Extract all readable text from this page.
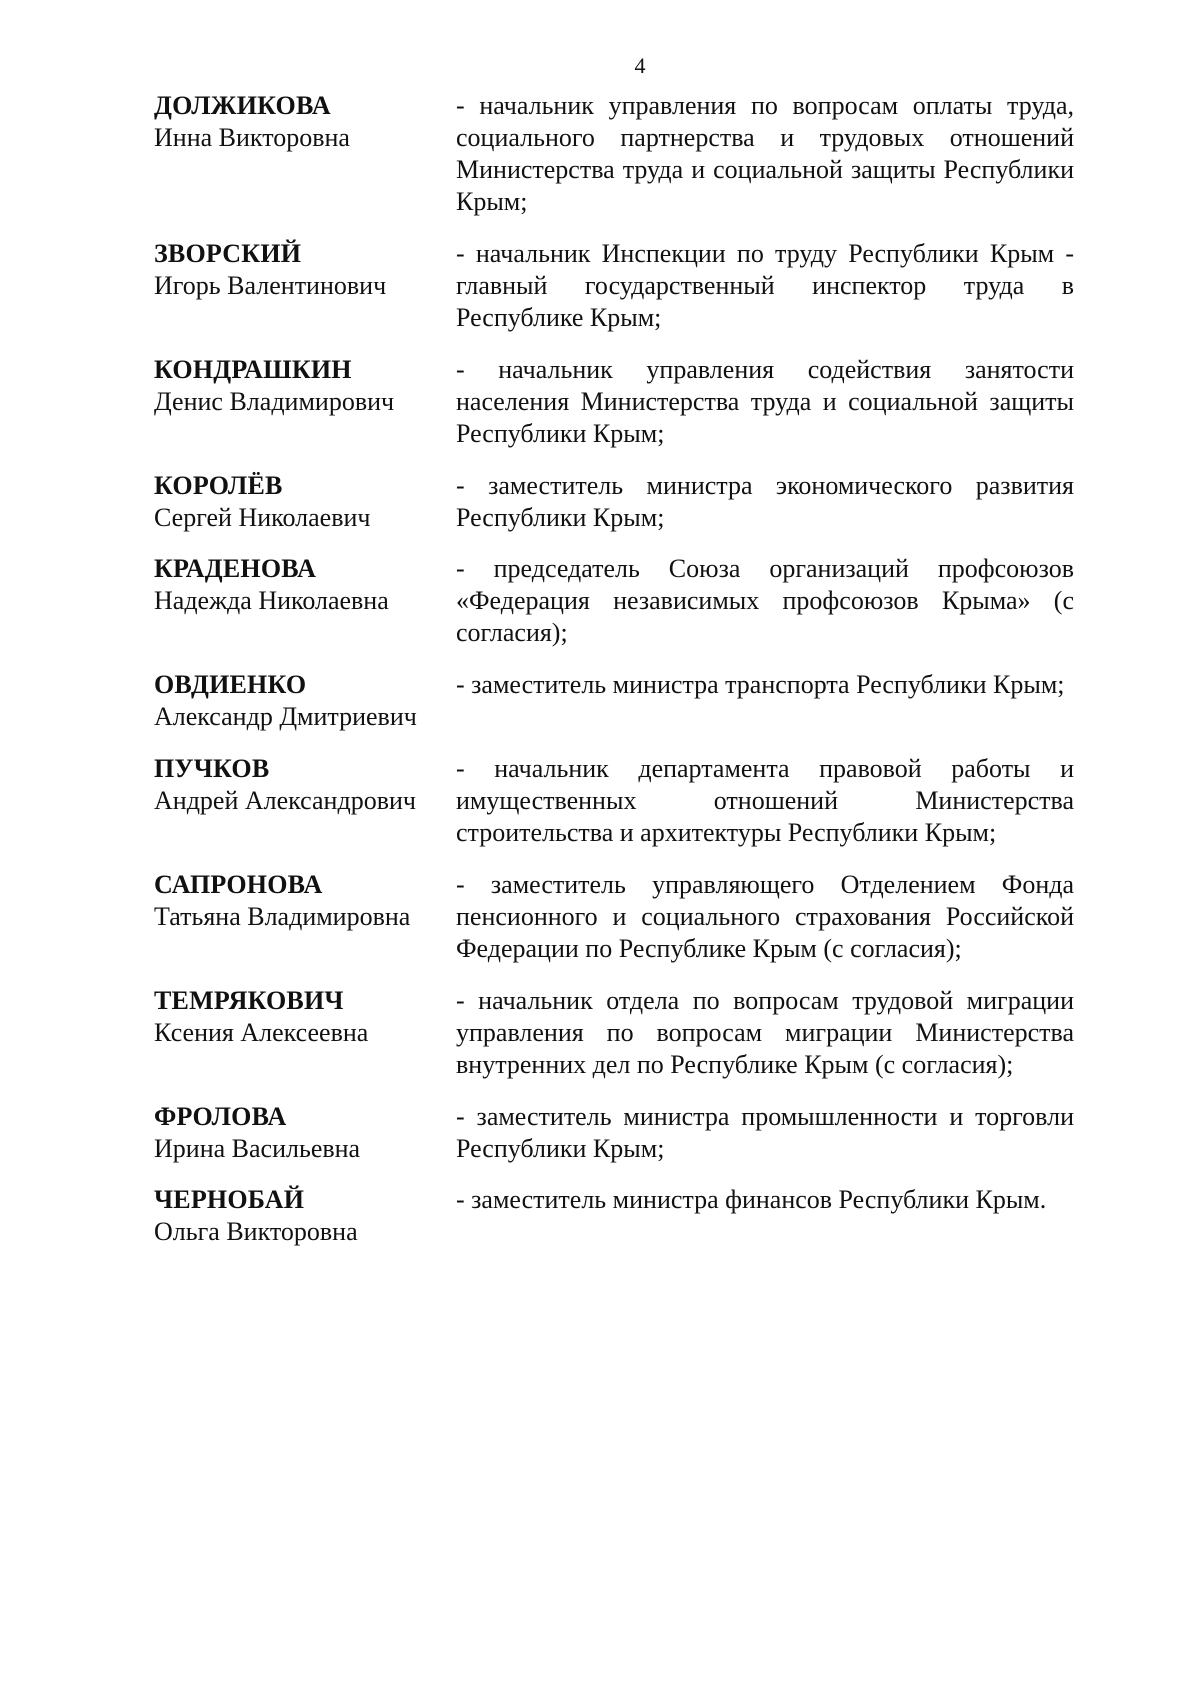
4
ДОЛЖИКОВА
Инна Викторовна
- начальник управления по вопросам оплаты труда, социального партнерства и трудовых отношений Министерства труда и социальной защиты Республики Крым;
ЗВОРСКИЙ
Игорь Валентинович
- начальник Инспекции по труду Республики Крым - главный государственный инспектор труда в Республике Крым;
КОНДРАШКИН
Денис Владимирович
- начальник управления содействия занятости населения Министерства труда и социальной защиты Республики Крым;
КОРОЛЁВ
Сергей Николаевич
- заместитель министра экономического развития Республики Крым;
КРАДЕНОВА
Надежда Николаевна
- председатель Союза организаций профсоюзов «Федерация независимых профсоюзов Крыма» (с согласия);
ОВДИЕНКО
Александр Дмитриевич
- заместитель министра транспорта Республики Крым;
ПУЧКОВ
Андрей Александрович
- начальник департамента правовой работы и имущественных отношений Министерства строительства и архитектуры Республики Крым;
САПРОНОВА
Татьяна Владимировна
- заместитель управляющего Отделением Фонда пенсионного и социального страхования Российской Федерации по Республике Крым (с согласия);
ТЕМРЯКОВИЧ
Ксения Алексеевна
- начальник отдела по вопросам трудовой миграции управления по вопросам миграции Министерства внутренних дел по Республике Крым (с согласия);
ФРОЛОВА
Ирина Васильевна
- заместитель министра промышленности и торговли Республики Крым;
ЧЕРНОБАЙ
Ольга Викторовна
- заместитель министра финансов Республики Крым.
